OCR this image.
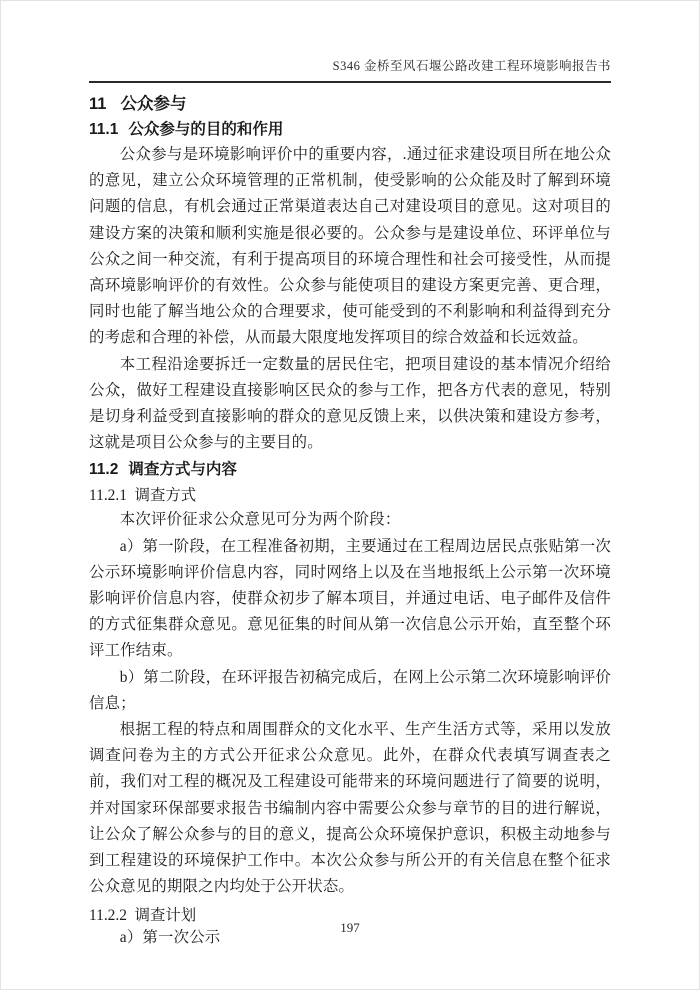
S346 金桥至风石堰公路改建工程环境影响报告书
11 公众参与
11.1 公众参与的目的和作用

公众参与是环境影响评价中的重要内容，.通过征求建设项目所在地公众的意见，建立公众环境管理的正常机制，使受影响的公众能及时了解到环境问题的信息，有机会通过正常渠道表达自己对建设项目的意见。这对项目的建设方案的决策和顺利实施是很必要的。公众参与是建设单位、环评单位与公众之间一种交流，有利于提高项目的环境合理性和社会可接受性，从而提高环境影响评价的有效性。公众参与能使项目的建设方案更完善、更合理，同时也能了解当地公众的合理要求，使可能受到的不利影响和利益得到充分的考虑和合理的补偿，从而最大限度地发挥项目的综合效益和长远效益。

本工程沿途要拆迁一定数量的居民住宅，把项目建设的基本情况介绍给公众，做好工程建设直接影响区民众的参与工作，把各方代表的意见，特别是切身利益受到直接影响的群众的意见反馈上来，以供决策和建设方参考，这就是项目公众参与的主要目的。

11.2 调查方式与内容
11.2.1 调查方式

本次评价征求公众意见可分为两个阶段：

a）第一阶段，在工程准备初期，主要通过在工程周边居民点张贴第一次公示环境影响评价信息内容，同时网络上以及在当地报纸上公示第一次环境影响评价信息内容，使群众初步了解本项目，并通过电话、电子邮件及信件的方式征集群众意见。意见征集的时间从第一次信息公示开始，直至整个环评工作结束。

b）第二阶段，在环评报告初稿完成后，在网上公示第二次环境影响评价信息；

根据工程的特点和周围群众的文化水平、生产生活方式等，采用以发放调查问卷为主的方式公开征求公众意见。此外，在群众代表填写调查表之前，我们对工程的概况及工程建设可能带来的环境问题进行了简要的说明，并对国家环保部要求报告书编制内容中需要公众参与章节的目的进行解说，让公众了解公众参与的目的意义，提高公众环境保护意识，积极主动地参与到工程建设的环境保护工作中。本次公众参与所公开的有关信息在整个征求公众意见的期限之内均处于公开状态。

11.2.2 调查计划

a）第一次公示

197
